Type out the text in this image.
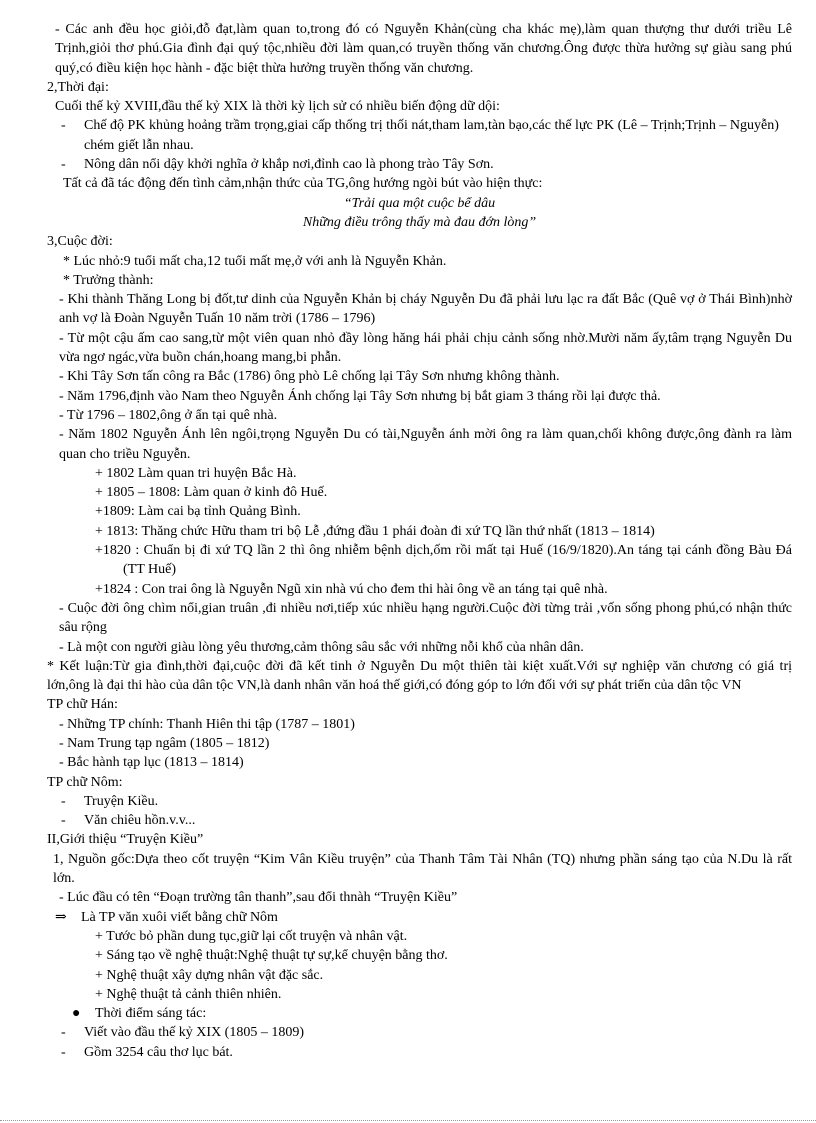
- Các anh đều học giỏi,đỗ đạt,làm quan to,trong đó có Nguyễn Khản(cùng cha khác mẹ),làm quan thượng thư dưới triều Lê Trịnh,giỏi thơ phú.Gia đình đại quý tộc,nhiều đời làm quan,có truyền thống văn chương.Ông được thừa hưởng sự giàu sang phú quý,có điều kiện học hành - đặc biệt thừa hưởng truyền thống văn chương.

2,Thời đại:

Cuối thế kỷ XVIII,đầu thế kỷ XIX là thời kỳ lịch sử có nhiều biến động dữ dội:

-	Chế độ PK khủng hoảng trầm trọng,giai cấp thống trị thối nát,tham lam,tàn bạo,các thế lực PK (Lê – Trịnh;Trịnh – Nguyễn) chém giết lẫn nhau.
-	Nông dân nổi dậy khởi nghĩa ở khắp nơi,đỉnh cao là phong trào Tây Sơn.

Tất cả đã tác động đến tình cảm,nhận thức của TG,ông hướng ngòi bút vào hiện thực:

“Trải qua một cuộc bể dâu

Những điều trông thấy mà đau đớn lòng”

3,Cuộc đời:

* Lúc nhỏ:9 tuổi mất cha,12 tuổi mất mẹ,ở với anh là Nguyễn Khản.

* Trưởng thành:

- Khi thành Thăng Long bị đốt,tư dinh của Nguyễn Khản bị cháy Nguyễn Du đã phải lưu lạc ra đất Bắc (Quê vợ ở Thái Bình)nhờ anh vợ là Đoàn Nguyễn Tuấn 10 năm trời (1786 – 1796)

- Từ một cậu ấm cao sang,từ một viên quan nhỏ đầy lòng hăng hái phải chịu cảnh sống nhờ.Mười năm ấy,tâm trạng Nguyễn Du vừa ngơ ngác,vừa buồn chán,hoang mang,bi phẫn.

- Khi Tây Sơn tấn công ra Bắc (1786) ông phò Lê chống lại Tây Sơn nhưng không thành.

- Năm 1796,định vào Nam theo Nguyễn Ánh chống lại Tây Sơn nhưng bị bắt giam 3 tháng rồi lại được thả.

- Từ 1796 – 1802,ông ở ẩn tại quê nhà.

- Năm 1802 Nguyễn Ánh lên ngôi,trọng Nguyễn Du có tài,Nguyễn ánh mời ông ra làm quan,chối không được,ông đành ra làm quan cho triều Nguyễn.

+ 1802 Làm quan tri huyện Bắc Hà.

+ 1805 – 1808: Làm quan ở kinh đô Huế.

+1809: Làm cai bạ tỉnh Quảng Bình.

+ 1813: Thăng chức Hữu tham tri bộ Lễ ,đứng đầu 1 phái đoàn đi xứ TQ lần thứ nhất (1813 – 1814)

+1820 : Chuẩn bị đi xứ TQ lần 2 thì ông nhiễm bệnh dịch,ốm rồi mất tại Huế (16/9/1820).An táng tại cánh đồng Bàu Đá (TT Huế)

+1824 : Con trai ông là Nguyễn Ngũ xin nhà vú cho đem thi hài ông về an táng tại quê nhà.

- Cuộc đời ông chìm nổi,gian truân ,đi nhiều nơi,tiếp xúc nhiều hạng người.Cuộc đời từng trải ,vốn sống phong phú,có nhận thức sâu rộng

- Là một con người giàu lòng yêu thương,cảm thông sâu sắc với những nỗi khổ của nhân dân.

* Kết luận:Từ gia đình,thời đại,cuộc đời đã kết tinh ở Nguyễn Du một thiên tài kiệt xuất.Với sự nghiệp văn chương có giá trị lớn,ông là đại thi hào của dân tộc VN,là danh nhân văn hoá thế giới,có đóng góp to lớn đối với sự phát triển của dân tộc VN

TP chữ Hán:

- Những TP chính: Thanh Hiên thi tập (1787 – 1801)

- Nam Trung tạp ngâm (1805 – 1812)

- Bắc hành tạp lục (1813 – 1814)

TP chữ Nôm:

-	Truyện Kiều.
-	Văn chiêu hồn.v.v...

II,Giới thiệu “Truyện Kiều”

1, Nguồn gốc:Dựa theo cốt truyện “Kim Vân Kiều truyện” của Thanh Tâm Tài Nhân (TQ) nhưng phần sáng tạo của N.Du là rất lớn.

- Lúc đầu có tên “Đoạn trường tân thanh”,sau đổi thnàh “Truyện Kiều”

⇒ Là TP văn xuôi viết bằng chữ Nôm

+ Tước bỏ phần dung tục,giữ lại cốt truyện và nhân vật.

+ Sáng tạo về nghệ thuật:Nghệ thuật tự sự,kể chuyện bằng thơ.

+ Nghệ thuật xây dựng nhân vật đặc sắc.

+ Nghệ thuật tả cảnh thiên nhiên.

●	Thời điểm sáng tác:
-	Viết vào đầu thế kỷ XIX (1805 – 1809)
-	Gồm 3254 câu thơ lục bát.
